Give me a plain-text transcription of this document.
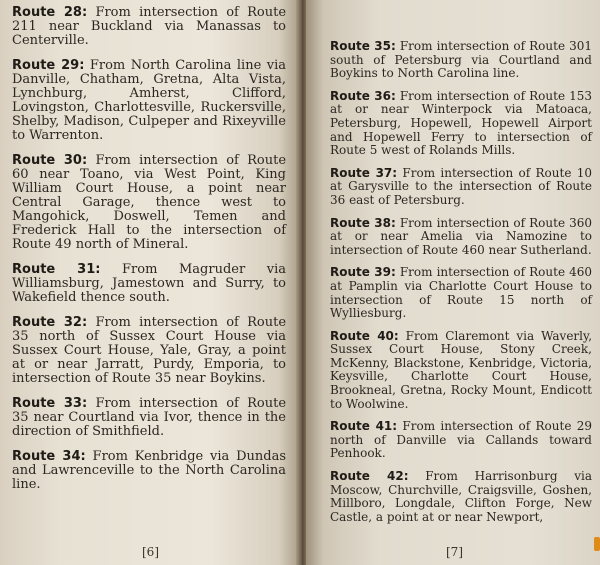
Route 28: From intersection of Route 211 near Buckland via Manassas to Centerville.

Route 29: From North Carolina line via Danville, Chatham, Gretna, Alta Vista, Lynchburg, Amherst, Clifford, Lovingston, Charlottesville, Ruckersville, Shelby, Madison, Culpeper and Rixeyville to Warrenton.

Route 30: From intersection of Route 60 near Toano, via West Point, King William Court House, a point near Central Garage, thence west to Mangohick, Doswell, Temen and Frederick Hall to the intersection of Route 49 north of Mineral.

Route 31: From Magruder via Williamsburg, Jamestown and Surry, to Wakefield thence south.

Route 32: From intersection of Route 35 north of Sussex Court House via Sussex Court House, Yale, Gray, a point at or near Jarratt, Purdy, Emporia, to intersection of Route 35 near Boykins.

Route 33: From intersection of Route 35 near Courtland via Ivor, thence in the direction of Smithfield.

Route 34: From Kenbridge via Dundas and Lawrenceville to the North Carolina line.

[6]

Route 35: From intersection of Route 301 south of Petersburg via Courtland and Boykins to North Carolina line.

Route 36: From intersection of Route 153 at or near Winterpock via Matoaca, Petersburg, Hopewell, Hopewell Airport and Hopewell Ferry to intersection of Route 5 west of Rolands Mills.

Route 37: From intersection of Route 10 at Garysville to the intersection of Route 36 east of Petersburg.

Route 38: From intersection of Route 360 at or near Amelia via Namozine to intersection of Route 460 near Sutherland.

Route 39: From intersection of Route 460 at Pamplin via Charlotte Court House to intersection of Route 15 north of Wylliesburg.

Route 40: From Claremont via Waverly, Sussex Court House, Stony Creek, McKenny, Blackstone, Kenbridge, Victoria, Keysville, Charlotte Court House, Brookneal, Gretna, Rocky Mount, Endicott to Woolwine.

Route 41: From intersection of Route 29 north of Danville via Callands toward Penhook.

Route 42: From Harrisonburg via Moscow, Churchville, Craigsville, Goshen, Millboro, Longdale, Clifton Forge, New Castle, a point at or near Newport,

[7]
